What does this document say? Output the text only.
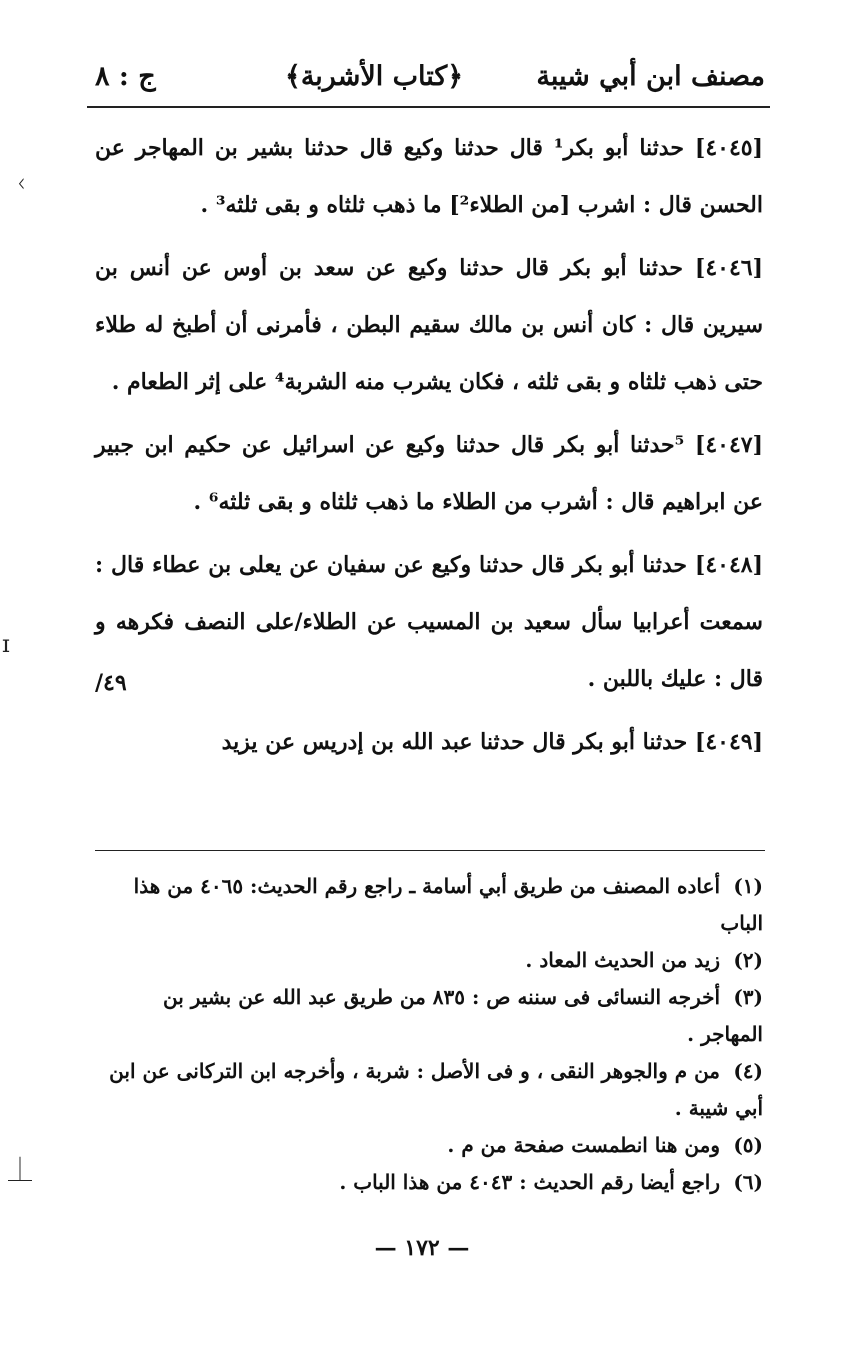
مصنف ابن أبي شيبة
﴿كتاب الأشربة﴾
ج : ٨

[٤٠٤٥] حدثنا أبو بكر¹ قال حدثنا وكيع قال حدثنا بشير بن المهاجر عن الحسن قال : اشرب [من الطلاء²] ما ذهب ثلثاه و بقى ثلثه³ .

[٤٠٤٦] حدثنا أبو بكر قال حدثنا وكيع عن سعد بن أوس عن أنس بن سيرين قال : كان أنس بن مالك سقيم البطن ، فأمرنى أن أطبخ له طلاء حتى ذهب ثلثاه و بقى ثلثه ، فكان يشرب منه الشربة⁴ على إثر الطعام .

[٤٠٤٧] ⁵حدثنا أبو بكر قال حدثنا وكيع عن اسرائيل عن حكيم ابن جبير عن ابراهيم قال : أشرب من الطلاء ما ذهب ثلثاه و بقى ثلثه⁶ .

[٤٠٤٨] حدثنا أبو بكر قال حدثنا وكيع عن سفيان عن يعلى بن عطاء قال : سمعت أعرابيا سأل سعيد بن المسيب عن الطلاء/على النصف فكرهه و قال : عليك باللبن .

[٤٠٤٩] حدثنا أبو بكر قال حدثنا عبد الله بن إدريس عن يزيد

٤٩/

(١) أعاده المصنف من طريق أبي أسامة ـ راجع رقم الحديث: ٤٠٦٥ من هذا الباب

(٢) زيد من الحديث المعاد .

(٣) أخرجه النسائى فى سننه ص : ٨٣٥ من طريق عبد الله عن بشير بن المهاجر .

(٤) من م والجوهر النقى ، و فى الأصل : شربة ، وأخرجه ابن التركانى عن ابن أبي شيبة .

(٥) ومن هنا انطمست صفحة من م .

(٦) راجع أيضا رقم الحديث : ٤٠٤٣ من هذا الباب .

— ١٧٢ —
ᚲ
ɪ
⏊
